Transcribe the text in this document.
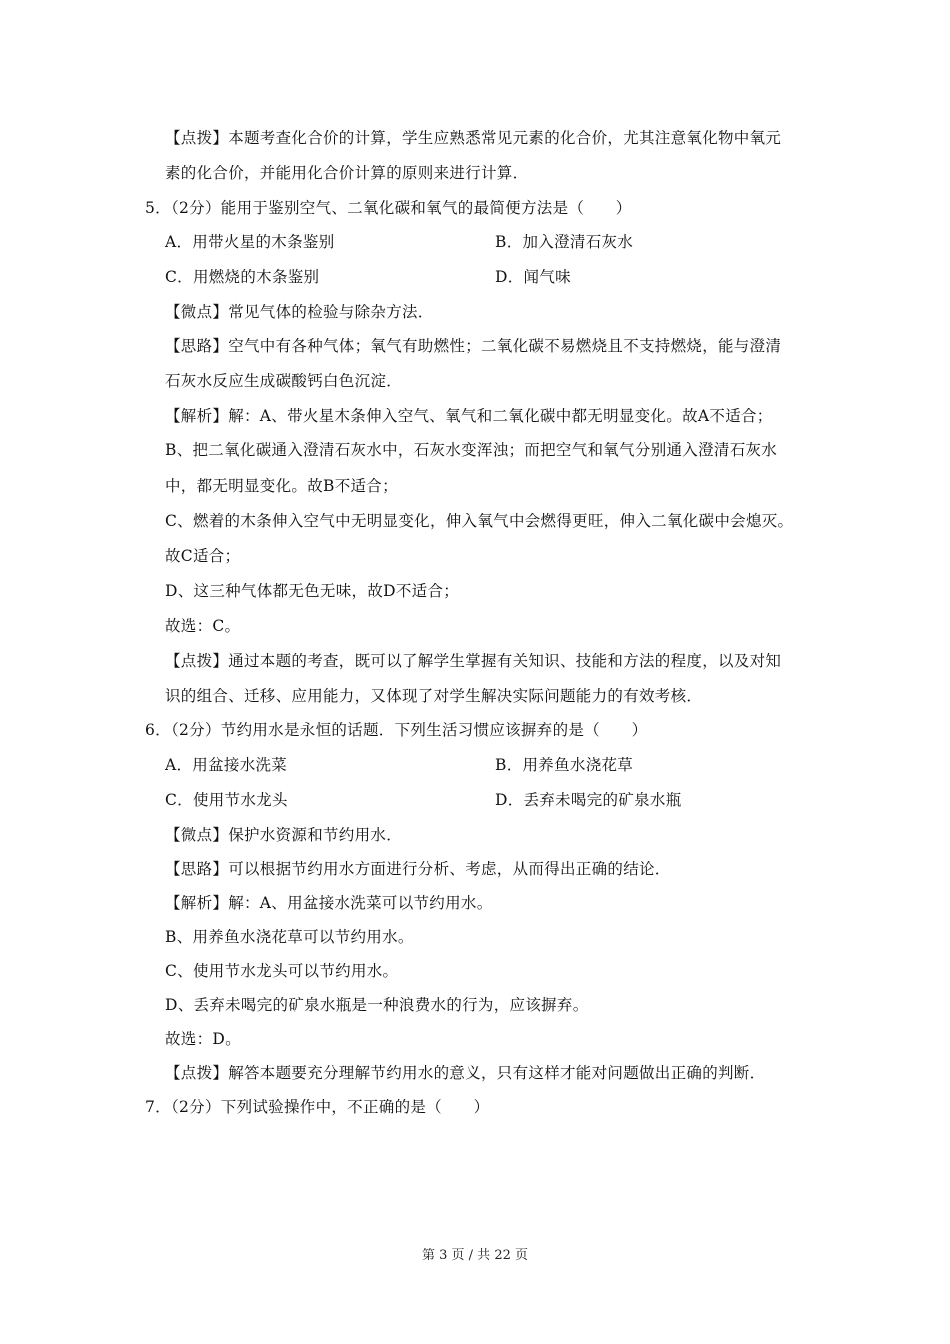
【点拨】本题考查化合价的计算，学生应熟悉常见元素的化合价，尤其注意氧化物中氧元
素的化合价，并能用化合价计算的原则来进行计算．
5．（2分）能用于鉴别空气、二氧化碳和氧气的最简便方法是（　　）
A．用带火星的木条鉴别	B．加入澄清石灰水
C．用燃烧的木条鉴别	D．闻气味
【微点】常见气体的检验与除杂方法．
【思路】空气中有各种气体；氧气有助燃性；二氧化碳不易燃烧且不支持燃烧，能与澄清
石灰水反应生成碳酸钙白色沉淀．
【解析】解：A、带火星木条伸入空气、氧气和二氧化碳中都无明显变化。故A不适合；
B、把二氧化碳通入澄清石灰水中，石灰水变浑浊；而把空气和氧气分别通入澄清石灰水
中，都无明显变化。故B不适合；
C、燃着的木条伸入空气中无明显变化，伸入氧气中会燃得更旺，伸入二氧化碳中会熄灭。
故C适合；
D、这三种气体都无色无味，故D不适合；
故选：C。
【点拨】通过本题的考查，既可以了解学生掌握有关知识、技能和方法的程度，以及对知
识的组合、迁移、应用能力，又体现了对学生解决实际问题能力的有效考核．
6．（2分）节约用水是永恒的话题．下列生活习惯应该摒弃的是（　　）
A．用盆接水洗菜	B．用养鱼水浇花草
C．使用节水龙头	D．丢弃未喝完的矿泉水瓶
【微点】保护水资源和节约用水．
【思路】可以根据节约用水方面进行分析、考虑，从而得出正确的结论．
【解析】解：A、用盆接水洗菜可以节约用水。
B、用养鱼水浇花草可以节约用水。
C、使用节水龙头可以节约用水。
D、丢弃未喝完的矿泉水瓶是一种浪费水的行为，应该摒弃。
故选：D。
【点拨】解答本题要充分理解节约用水的意义，只有这样才能对问题做出正确的判断．
7．（2分）下列试验操作中，不正确的是（　　）
第 3 页 / 共 22 页
